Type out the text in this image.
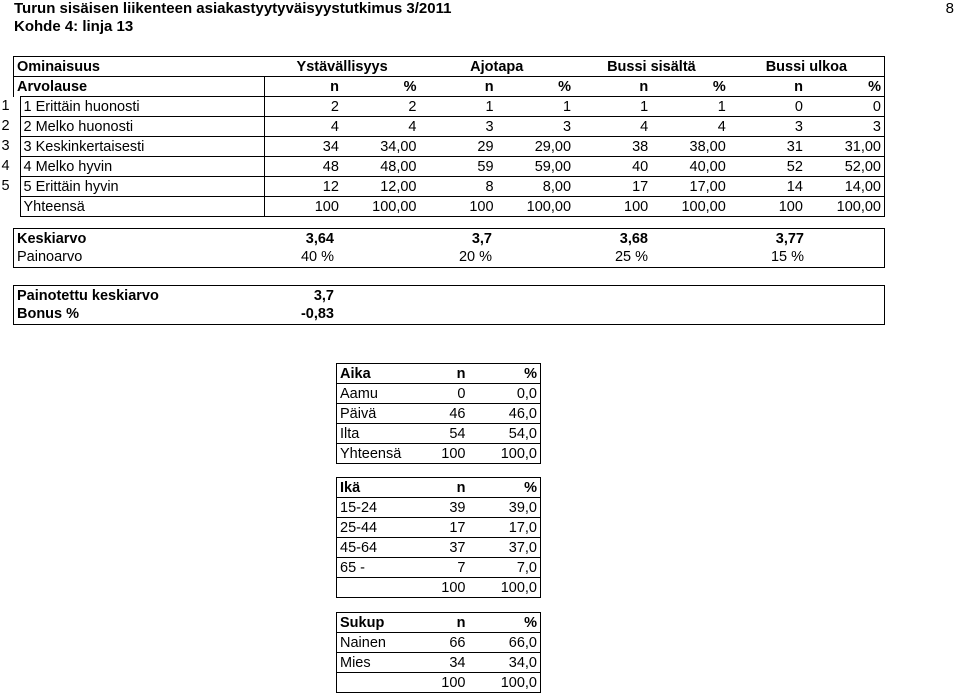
Turun sisäisen liikenteen asiakastyytyväisyystutkimus 3/2011
Kohde 4: linja 13
8
Ominaisuus		Ystävällisyys		Ajotapa		Bussi sisältä		Bussi ulkoa	
Arvolause		n	%	n	%	n	%	n	%

1	1 Erittäin huonosti	2	2	1	1	1	1	0	0

2	2 Melko huonosti	4	4	3	3	4	4	3	3

3	3 Keskinkertaisesti	34	34,00	29	29,00	38	38,00	31	31,00

4	4 Melko hyvin	48	48,00	59	59,00	40	40,00	52	52,00

5	5 Erittäin hyvin	12	12,00	8	8,00	17	17,00	14	14,00
	Yhteensä	100	100,00	100	100,00	100	100,00	100	100,00
Keskiarvo	3,64	3,7	3,68	3,77
Painoarvo	40 %	20 %	25 %	15 %
Painotettu keskiarvo	3,7
Bonus %	-0,83
Aika	n	%
Aamu	0	0,0
Päivä	46	46,0
Ilta	54	54,0
Yhteensä	100	100,0
Ikä	n	%
15-24	39	39,0
25-44	17	17,0
45-64	37	37,0
65 -	7	7,0
	100	100,0
Sukup	n	%
Nainen	66	66,0
Mies	34	34,0
	100	100,0
